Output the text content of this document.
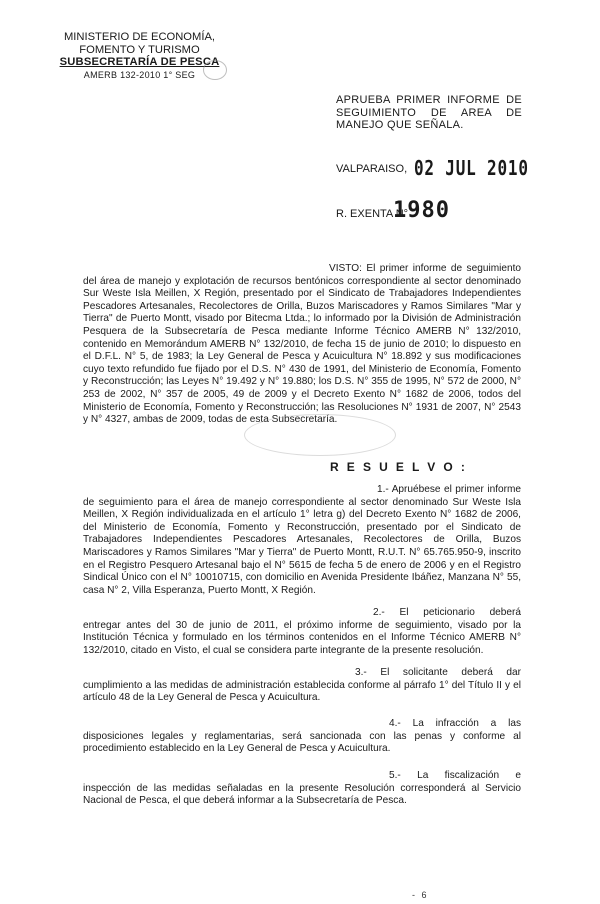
MINISTERIO DE ECONOMÍA,
FOMENTO Y TURISMO
SUBSECRETARÍA DE PESCA
AMERB 132-2010 1° SEG
APRUEBA PRIMER INFORME DE
SEGUIMIENTO DE AREA DE
MANEJO QUE SEÑALA.
VALPARAISO, 02 JUL 2010
R. EXENTA N°
1980
VISTO: El primer informe de seguimiento del área de manejo y explotación de recursos bentónicos correspondiente al sector denominado Sur Weste Isla Meillen, X Región, presentado por el Sindicato de Trabajadores Independientes Pescadores Artesanales, Recolectores de Orilla, Buzos Mariscadores y Ramos Similares "Mar y Tierra" de Puerto Montt, visado por Bitecma Ltda.; lo informado por la División de Administración Pesquera de la Subsecretaría de Pesca mediante Informe Técnico AMERB N° 132/2010, contenido en Memorándum AMERB N° 132/2010, de fecha 15 de junio de 2010; lo dispuesto en el D.F.L. N° 5, de 1983; la Ley General de Pesca y Acuicultura N° 18.892 y sus modificaciones cuyo texto refundido fue fijado por el D.S. N° 430 de 1991, del Ministerio de Economía, Fomento y Reconstrucción; las Leyes N° 19.492 y N° 19.880; los D.S. N° 355 de 1995, N° 572 de 2000, N° 253 de 2002, N° 357 de 2005, 49 de 2009 y el Decreto Exento N° 1682 de 2006, todos del Ministerio de Economía, Fomento y Reconstrucción; las Resoluciones N° 1931 de 2007, N° 2543 y N° 4327, ambas de 2009, todas de esta Subsecretaría.
R E S U E L V O :
1.- Apruébese el primer informe de seguimiento para el área de manejo correspondiente al sector denominado Sur Weste Isla Meillen, X Región individualizada en el artículo 1° letra g) del Decreto Exento N° 1682 de 2006, del Ministerio de Economía, Fomento y Reconstrucción, presentado por el Sindicato de Trabajadores Independientes Pescadores Artesanales, Recolectores de Orilla, Buzos Mariscadores y Ramos Similares "Mar y Tierra" de Puerto Montt, R.U.T. N° 65.765.950-9, inscrito en el Registro Pesquero Artesanal bajo el N° 5615 de fecha 5 de enero de 2006 y en el Registro Sindical Único con el N° 10010715, con domicilio en Avenida Presidente Ibáñez, Manzana N° 55, casa N° 2, Villa Esperanza, Puerto Montt, X Región.
2.- El peticionario deberá entregar antes del 30 de junio de 2011, el próximo informe de seguimiento, visado por la Institución Técnica y formulado en los términos contenidos en el Informe Técnico AMERB N° 132/2010, citado en Visto, el cual se considera parte integrante de la presente resolución.
3.- El solicitante deberá dar cumplimiento a las medidas de administración establecida conforme al párrafo 1° del Título II y el artículo 48 de la Ley General de Pesca y Acuicultura.
4.- La infracción a las disposiciones legales y reglamentarias, será sancionada con las penas y conforme al procedimiento establecido en la Ley General de Pesca y Acuicultura.
5.- La fiscalización e inspección de las medidas señaladas en la presente Resolución corresponderá al Servicio Nacional de Pesca, el que deberá informar a la Subsecretaría de Pesca.
- 6
